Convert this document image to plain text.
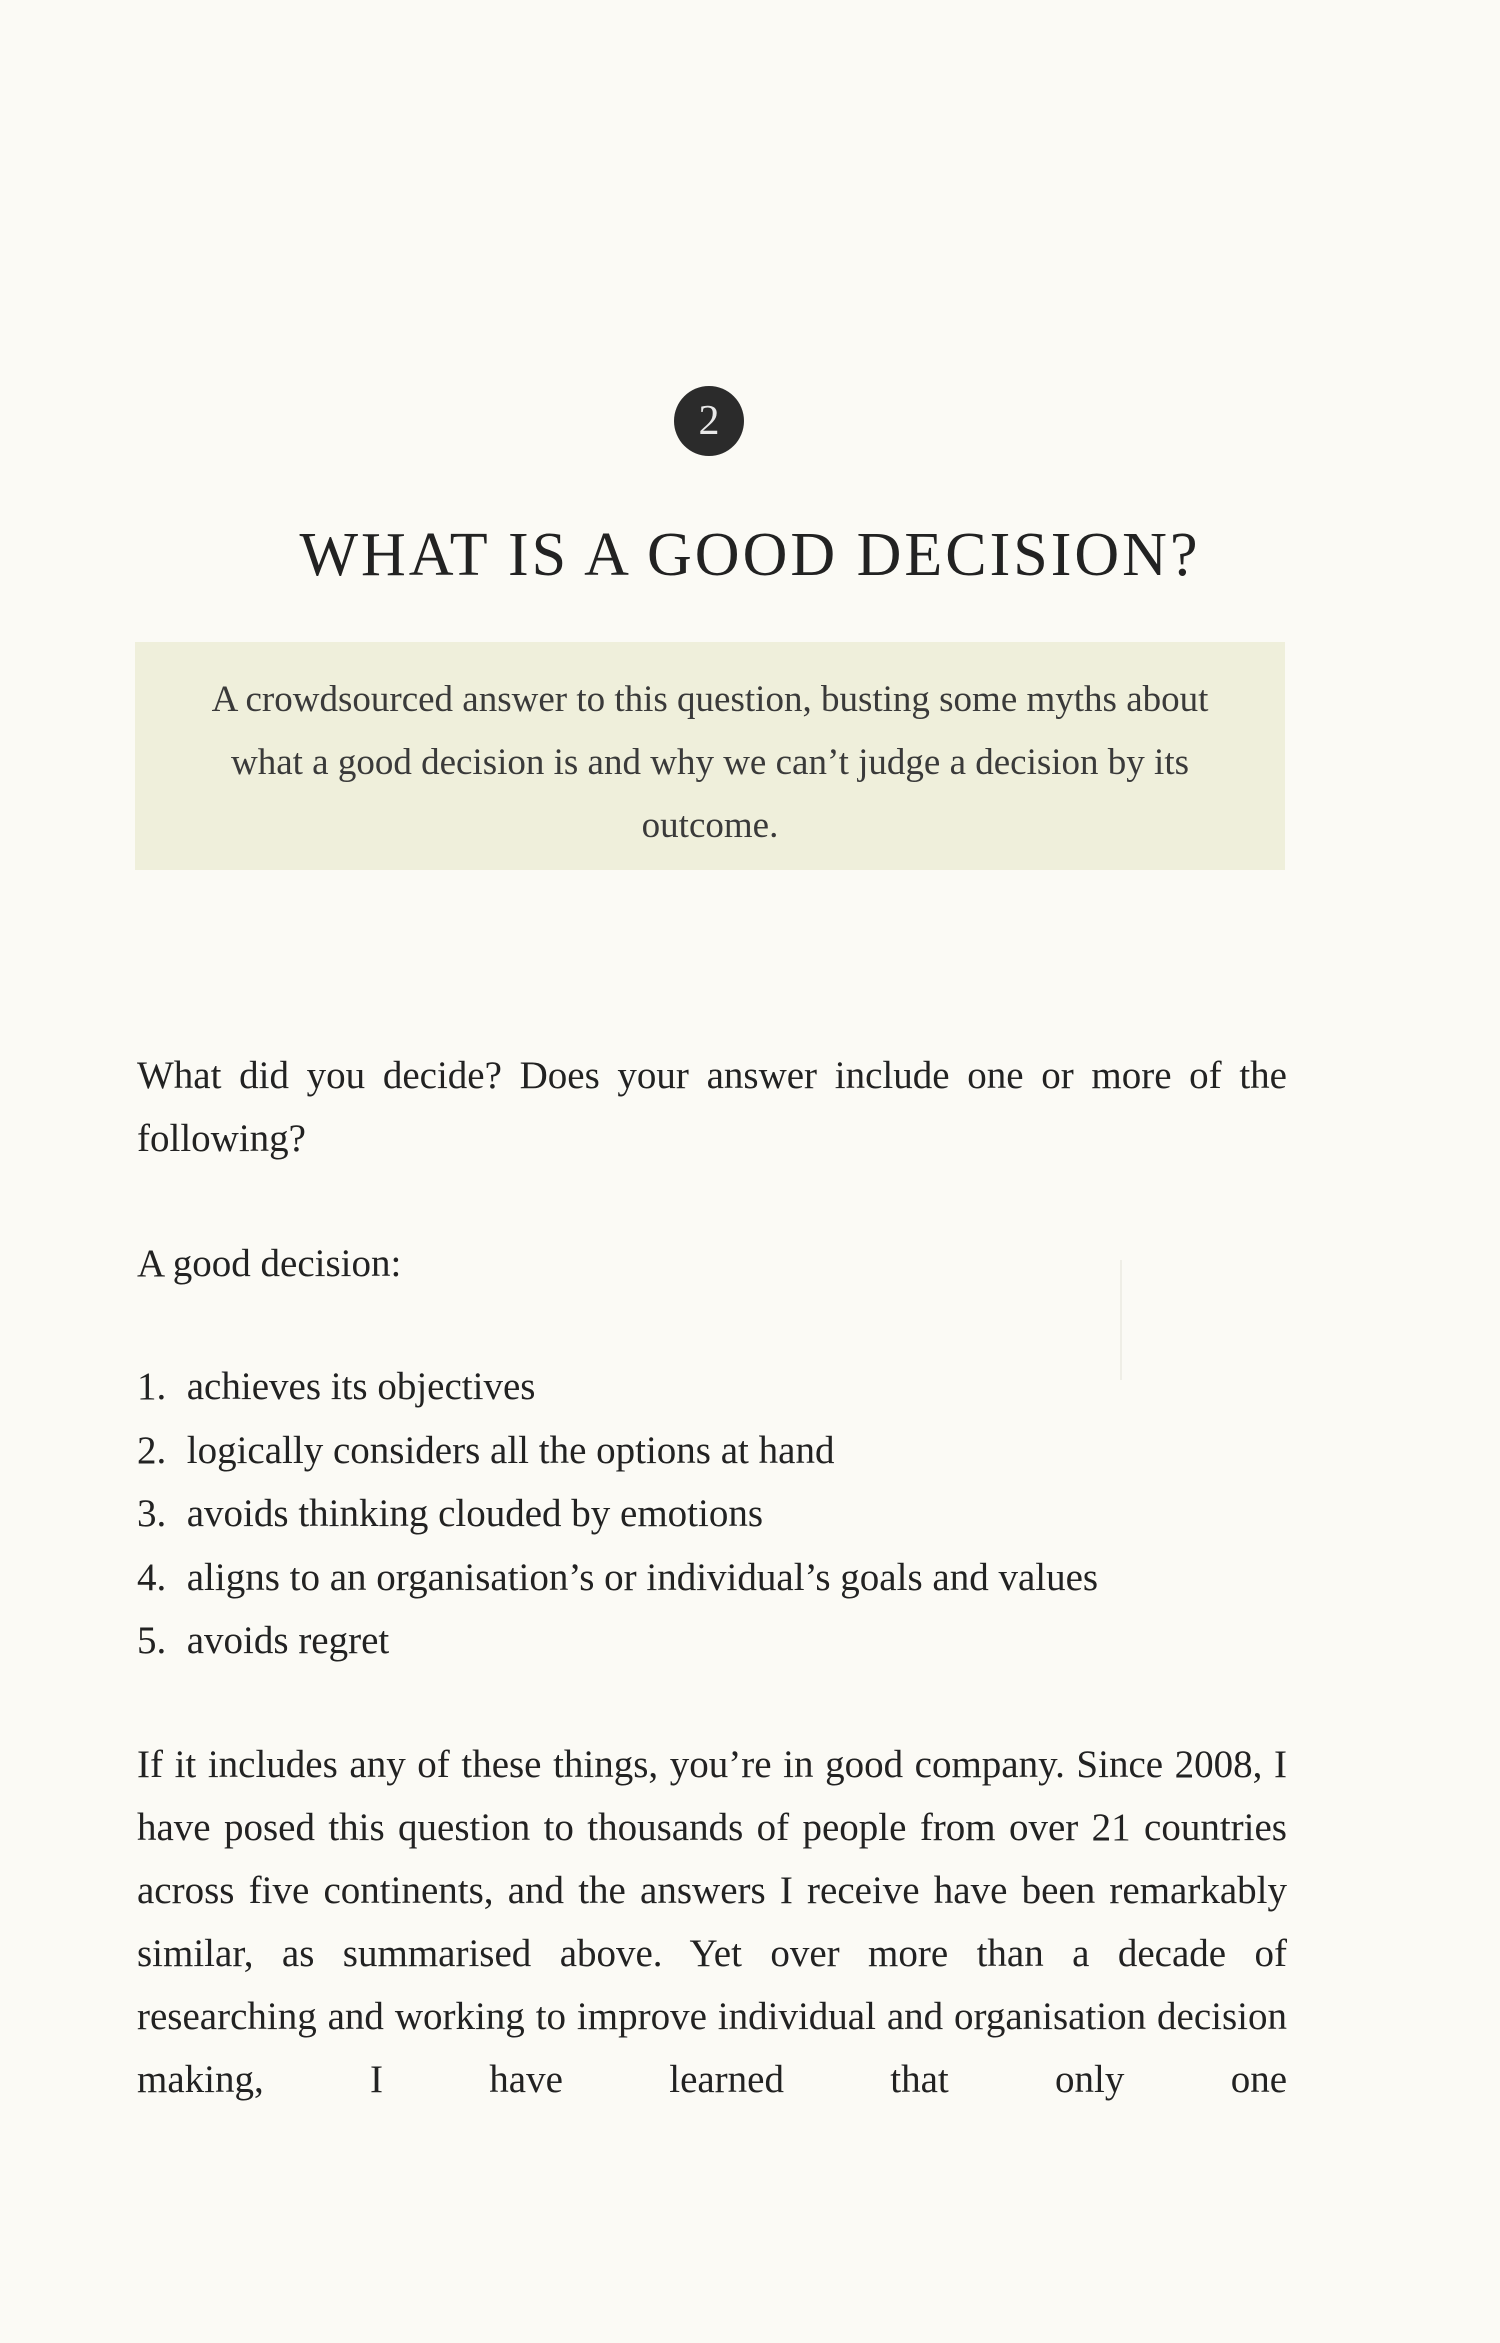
2
WHAT IS A GOOD DECISION?

A crowdsourced answer to this question, busting some myths about what a good decision is and why we can’t judge a decision by its outcome.

What did you decide? Does your answer include one or more of the following?

A good decision:

1. achieves its objectives
2. logically considers all the options at hand
3. avoids thinking clouded by emotions
4. aligns to an organisation’s or individual’s goals and values
5. avoids regret

If it includes any of these things, you’re in good company. Since 2008, I have posed this question to thousands of people from over 21 countries across five continents, and the answers I receive have been remarkably similar, as summarised above. Yet over more than a decade of researching and working to improve individual and organisation decision making, I have learned that only one
